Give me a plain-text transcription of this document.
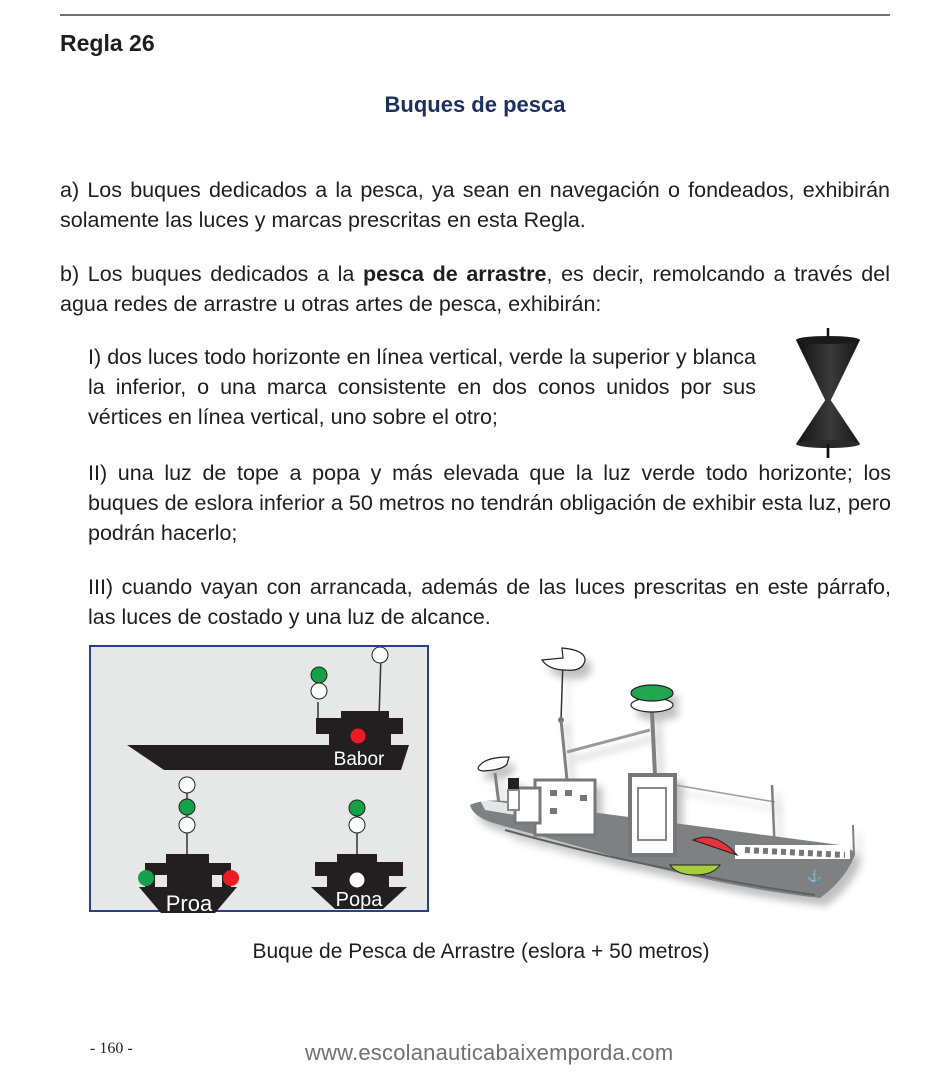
Regla 26
Buques de pesca

a) Los buques dedicados a la pesca, ya sean en navegación o fondeados, exhibirán solamente las luces y marcas prescritas en esta Regla.

b) Los buques dedicados a la pesca de arrastre, es decir, remolcando a través del agua redes de arrastre u otras artes de pesca, exhibirán:

I) dos luces todo horizonte en línea vertical, verde la superior y blanca la inferior, o una marca consistente en dos conos unidos por sus vértices en línea vertical, uno sobre el otro;

II) una luz de tope a popa y más elevada que la luz verde todo horizonte; los buques de eslora inferior a 50 metros no tendrán obligación de exhibir esta luz, pero podrán hacerlo;

III) cuando vayan con arrancada, además de las luces prescritas en este párrafo, las luces de costado y una luz de alcance.

Babor
Proa	Popa
⚓
Buque de Pesca de Arrastre (eslora + 50 metros)
- 160 -	www.escolanauticabaixemporda.com
